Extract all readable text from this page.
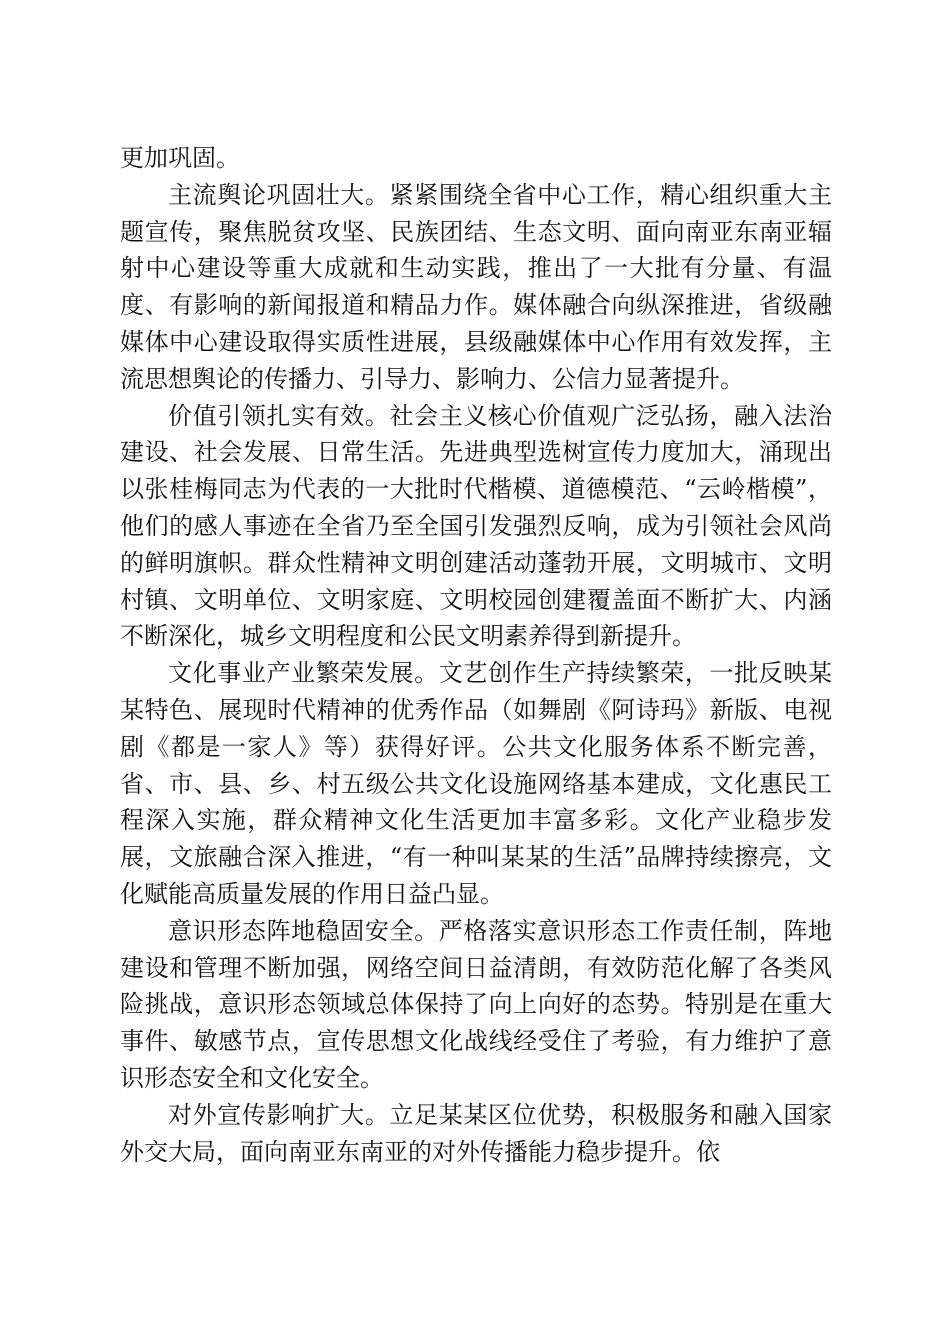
更加巩固。

主流舆论巩固壮大。紧紧围绕全省中心工作，精心组织重大主题宣传，聚焦脱贫攻坚、民族团结、生态文明、面向南亚东南亚辐射中心建设等重大成就和生动实践，推出了一大批有分量、有温度、有影响的新闻报道和精品力作。媒体融合向纵深推进，省级融媒体中心建设取得实质性进展，县级融媒体中心作用有效发挥，主流思想舆论的传播力、引导力、影响力、公信力显著提升。

价值引领扎实有效。社会主义核心价值观广泛弘扬，融入法治建设、社会发展、日常生活。先进典型选树宣传力度加大，涌现出以张桂梅同志为代表的一大批时代楷模、道德模范、“云岭楷模”，他们的感人事迹在全省乃至全国引发强烈反响，成为引领社会风尚的鲜明旗帜。群众性精神文明创建活动蓬勃开展，文明城市、文明村镇、文明单位、文明家庭、文明校园创建覆盖面不断扩大、内涵不断深化，城乡文明程度和公民文明素养得到新提升。

文化事业产业繁荣发展。文艺创作生产持续繁荣，一批反映某某特色、展现时代精神的优秀作品（如舞剧《阿诗玛》新版、电视剧《都是一家人》等）获得好评。公共文化服务体系不断完善，省、市、县、乡、村五级公共文化设施网络基本建成，文化惠民工程深入实施，群众精神文化生活更加丰富多彩。文化产业稳步发展，文旅融合深入推进，“有一种叫某某的生活”品牌持续擦亮，文化赋能高质量发展的作用日益凸显。

意识形态阵地稳固安全。严格落实意识形态工作责任制，阵地建设和管理不断加强，网络空间日益清朗，有效防范化解了各类风险挑战，意识形态领域总体保持了向上向好的态势。特别是在重大事件、敏感节点，宣传思想文化战线经受住了考验，有力维护了意识形态安全和文化安全。

对外宣传影响扩大。立足某某区位优势，积极服务和融入国家外交大局，面向南亚东南亚的对外传播能力稳步提升。依
